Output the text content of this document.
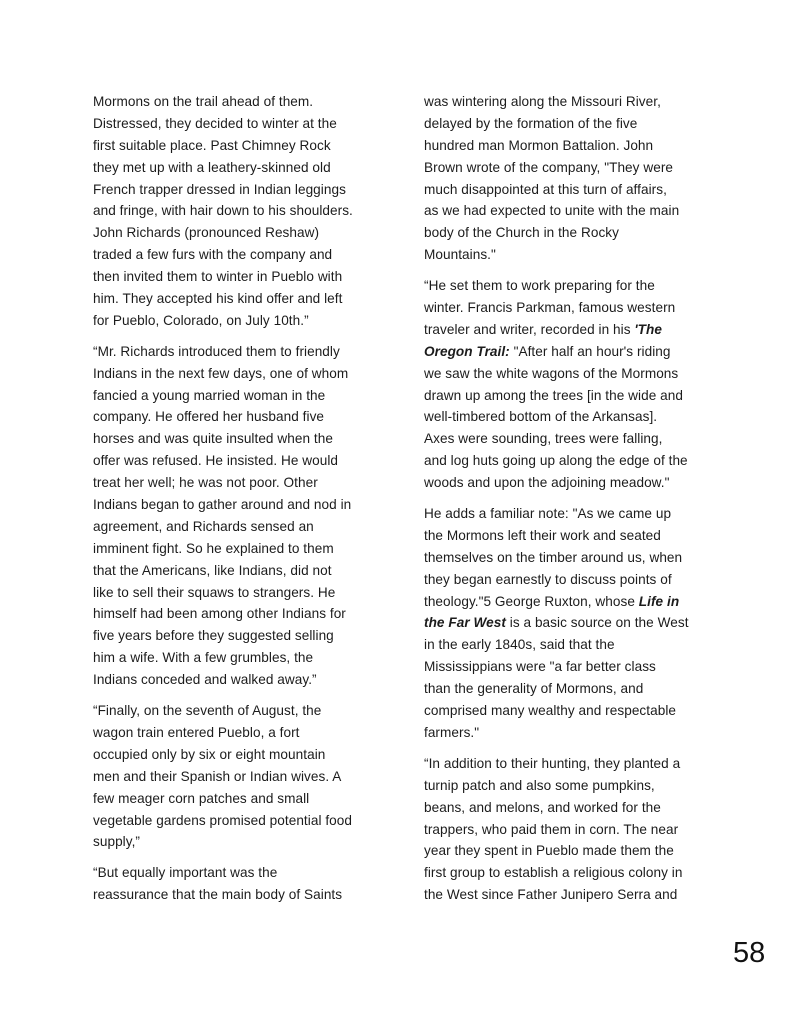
Mormons on the trail ahead of them.
Distressed, they decided to winter at the
first suitable place. Past Chimney Rock
they met up with a leathery-skinned old
French trapper dressed in Indian leggings
and fringe, with hair down to his shoulders.
John Richards (pronounced Reshaw)
traded a few furs with the company and
then invited them to winter in Pueblo with
him. They accepted his kind offer and left
for Pueblo, Colorado, on July 10th.”

“Mr. Richards introduced them to friendly
Indians in the next few days, one of whom
fancied a young married woman in the
company. He offered her husband five
horses and was quite insulted when the
offer was refused. He insisted. He would
treat her well; he was not poor. Other
Indians began to gather around and nod in
agreement, and Richards sensed an
imminent fight. So he explained to them
that the Americans, like Indians, did not
like to sell their squaws to strangers. He
himself had been among other Indians for
five years before they suggested selling
him a wife. With a few grumbles, the
Indians conceded and walked away.”

“Finally, on the seventh of August, the
wagon train entered Pueblo, a fort
occupied only by six or eight mountain
men and their Spanish or Indian wives. A
few meager corn patches and small
vegetable gardens promised potential food
supply,”

“But equally important was the
reassurance that the main body of Saints

was wintering along the Missouri River,
delayed by the formation of the five
hundred man Mormon Battalion. John
Brown wrote of the company, "They were
much disappointed at this turn of affairs,
as we had expected to unite with the main
body of the Church in the Rocky
Mountains."

“He set them to work preparing for the
winter. Francis Parkman, famous western
traveler and writer, recorded in his 'The
Oregon Trail: "After half an hour's riding
we saw the white wagons of the Mormons
drawn up among the trees [in the wide and
well-timbered bottom of the Arkansas].
Axes were sounding, trees were falling,
and log huts going up along the edge of the
woods and upon the adjoining meadow."

He adds a familiar note: "As we came up
the Mormons left their work and seated
themselves on the timber around us, when
they began earnestly to discuss points of
theology."5 George Ruxton, whose Life in
the Far West is a basic source on the West
in the early 1840s, said that the
Mississippians were "a far better class
than the generality of Mormons, and
comprised many wealthy and respectable
farmers."

“In addition to their hunting, they planted a
turnip patch and also some pumpkins,
beans, and melons, and worked for the
trappers, who paid them in corn. The near
year they spent in Pueblo made them the
first group to establish a religious colony in
the West since Father Junipero Serra and

58
